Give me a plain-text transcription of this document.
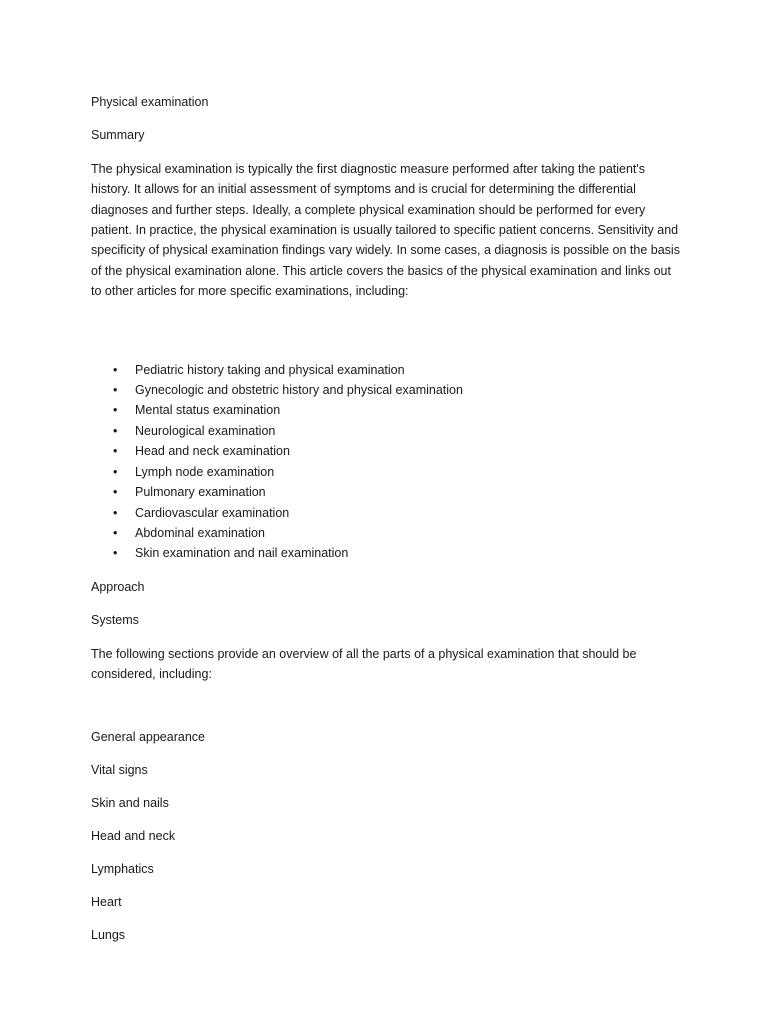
Physical examination
Summary
The physical examination is typically the first diagnostic measure performed after taking the patient's history. It allows for an initial assessment of symptoms and is crucial for determining the differential diagnoses and further steps. Ideally, a complete physical examination should be performed for every patient. In practice, the physical examination is usually tailored to specific patient concerns. Sensitivity and specificity of physical examination findings vary widely. In some cases, a diagnosis is possible on the basis of the physical examination alone. This article covers the basics of the physical examination and links out to other articles for more specific examinations, including:
• Pediatric history taking and physical examination
• Gynecologic and obstetric history and physical examination
• Mental status examination
• Neurological examination
• Head and neck examination
• Lymph node examination
• Pulmonary examination
• Cardiovascular examination
• Abdominal examination
• Skin examination and nail examination
Approach
Systems
The following sections provide an overview of all the parts of a physical examination that should be considered, including:
General appearance
Vital signs
Skin and nails
Head and neck
Lymphatics
Heart
Lungs
